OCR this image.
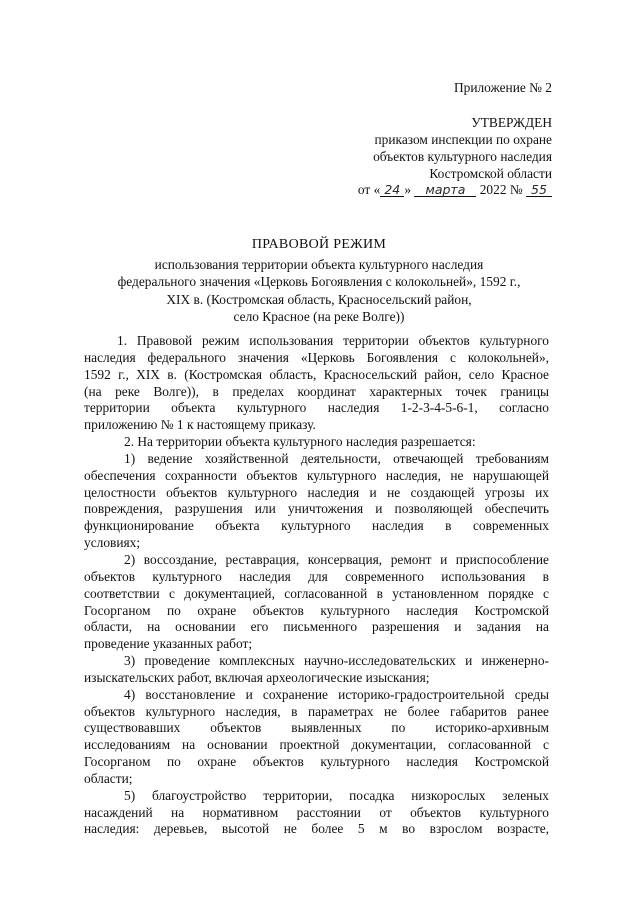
Приложение № 2
УТВЕРЖДЕН
приказом инспекции по охране
объектов культурного наследия
Костромской области
от « 24 » марта 2022 № 55
ПРАВОВОЙ РЕЖИМ
использования территории объекта культурного наследия
федерального значения «Церковь Богоявления с колокольней», 1592 г.,
XIX в. (Костромская область, Красносельский район,
село Красное (на реке Волге))
1. Правовой режим использования территории объектов культурного
наследия федерального значения «Церковь Богоявления с колокольней»,
1592 г., XIX в. (Костромская область, Красносельский район, село Красное
(на реке Волге)), в пределах координат характерных точек границы
территории объекта культурного наследия 1-2-3-4-5-6-1, согласно
приложению № 1 к настоящему приказу.
2. На территории объекта культурного наследия разрешается:
1) ведение хозяйственной деятельности, отвечающей требованиям
обеспечения сохранности объектов культурного наследия, не нарушающей
целостности объектов культурного наследия и не создающей угрозы их
повреждения, разрушения или уничтожения и позволяющей обеспечить
функционирование объекта культурного наследия в современных
условиях;
2) воссоздание, реставрация, консервация, ремонт и приспособление
объектов культурного наследия для современного использования в
соответствии с документацией, согласованной в установленном порядке с
Госорганом по охране объектов культурного наследия Костромской
области, на основании его письменного разрешения и задания на
проведение указанных работ;
3) проведение комплексных научно-исследовательских и инженерно-
изыскательских работ, включая археологические изыскания;
4) восстановление и сохранение историко-градостроительной среды
объектов культурного наследия, в параметрах не более габаритов ранее
существовавших объектов выявленных по историко-архивным
исследованиям на основании проектной документации, согласованной с
Госорганом по охране объектов культурного наследия Костромской
области;
5) благоустройство территории, посадка низкорослых зеленых
насаждений на нормативном расстоянии от объектов культурного
наследия: деревьев, высотой не более 5 м во взрослом возрасте,
